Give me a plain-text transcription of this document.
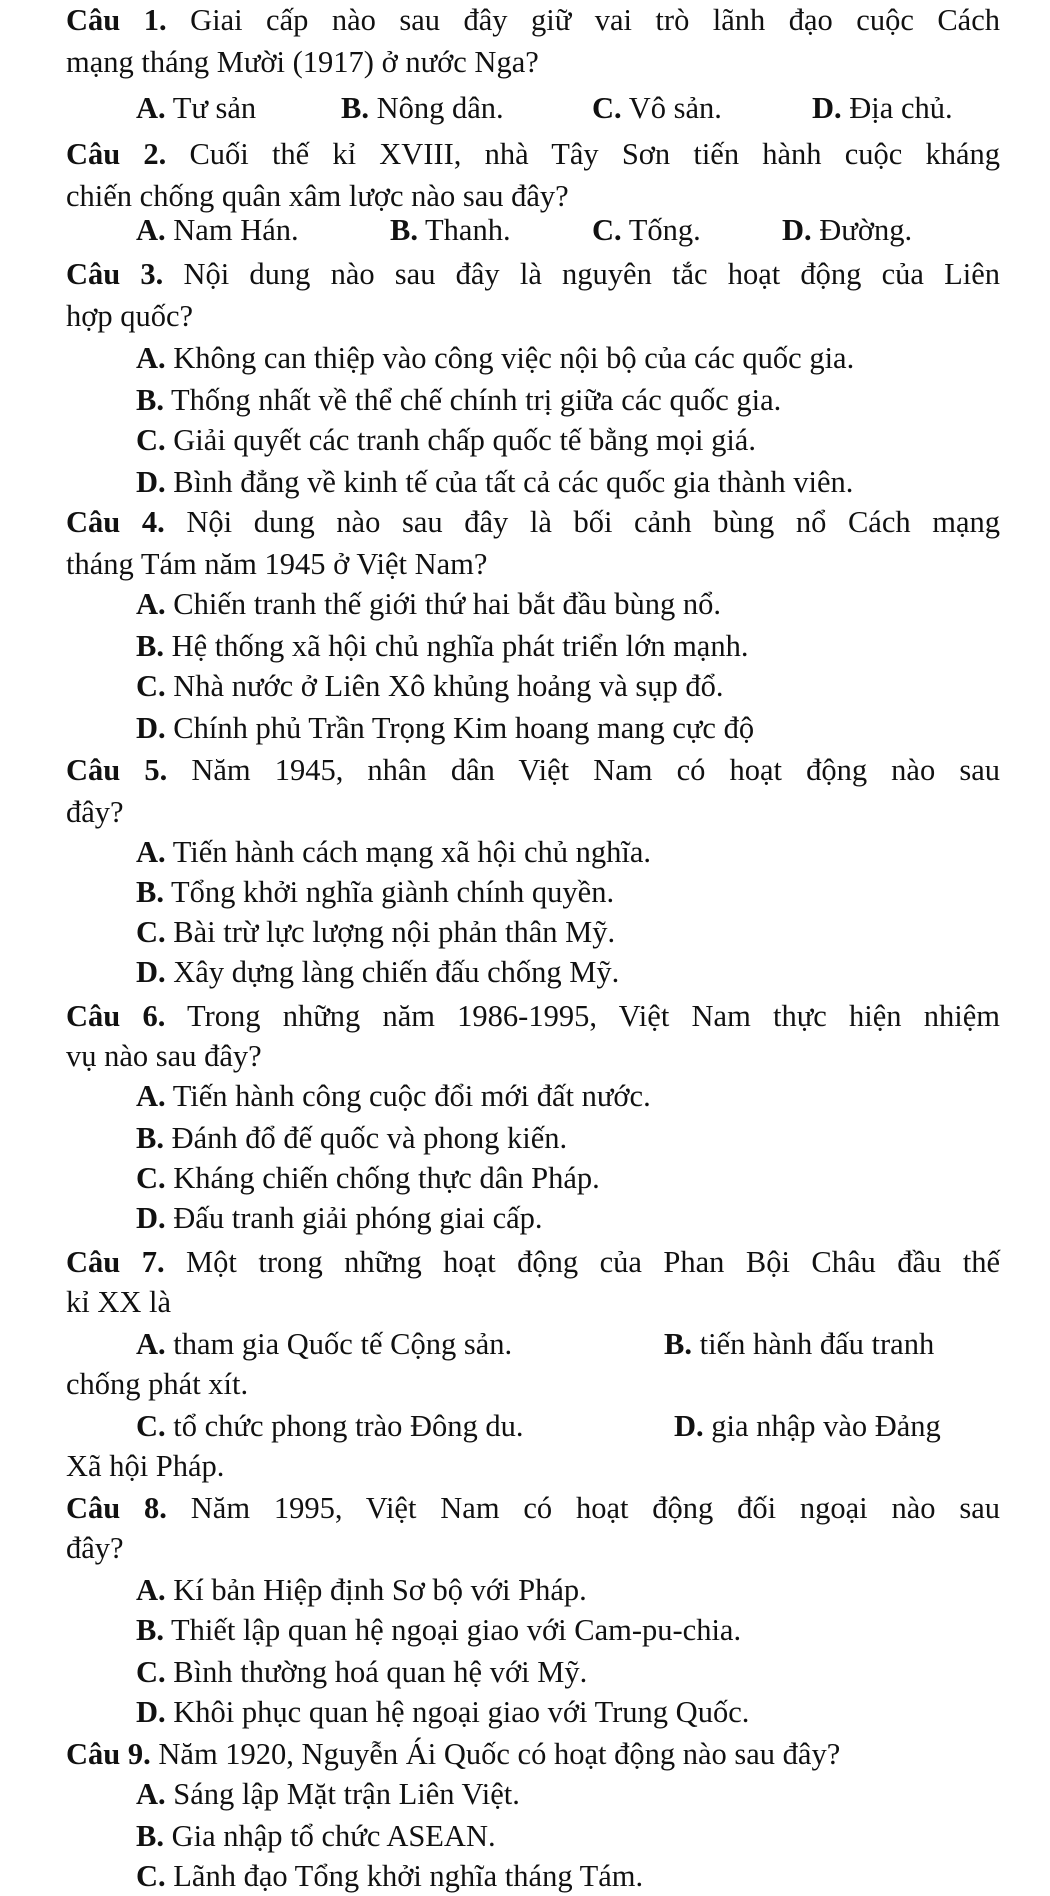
Câu 1. Giai cấp nào sau đây giữ vai trò lãnh đạo cuộc Cách
mạng tháng Mười (1917) ở nước Nga?
A. Tư sản	B. Nông dân.	C. Vô sản.	D. Địa chủ.
Câu 2. Cuối thế kỉ XVIII, nhà Tây Sơn tiến hành cuộc kháng
chiến chống quân xâm lược nào sau đây?
A. Nam Hán.	B. Thanh.	C. Tống.	D. Đường.
Câu 3. Nội dung nào sau đây là nguyên tắc hoạt động của Liên
hợp quốc?
A. Không can thiệp vào công việc nội bộ của các quốc gia.
B. Thống nhất về thể chế chính trị giữa các quốc gia.
C. Giải quyết các tranh chấp quốc tế bằng mọi giá.
D. Bình đẳng về kinh tế của tất cả các quốc gia thành viên.
Câu 4. Nội dung nào sau đây là bối cảnh bùng nổ Cách mạng
tháng Tám năm 1945 ở Việt Nam?
A. Chiến tranh thế giới thứ hai bắt đầu bùng nổ.
B. Hệ thống xã hội chủ nghĩa phát triển lớn mạnh.
C. Nhà nước ở Liên Xô khủng hoảng và sụp đổ.
D. Chính phủ Trần Trọng Kim hoang mang cực độ
Câu 5. Năm 1945, nhân dân Việt Nam có hoạt động nào sau
đây?
A. Tiến hành cách mạng xã hội chủ nghĩa.
B. Tổng khởi nghĩa giành chính quyền.
C. Bài trừ lực lượng nội phản thân Mỹ.
D. Xây dựng làng chiến đấu chống Mỹ.
Câu 6. Trong những năm 1986-1995, Việt Nam thực hiện nhiệm
vụ nào sau đây?
A. Tiến hành công cuộc đổi mới đất nước.
B. Đánh đổ đế quốc và phong kiến.
C. Kháng chiến chống thực dân Pháp.
D. Đấu tranh giải phóng giai cấp.
Câu 7. Một trong những hoạt động của Phan Bội Châu đầu thế
kỉ XX là
A. tham gia Quốc tế Cộng sản.	B. tiến hành đấu tranh
chống phát xít.
C. tổ chức phong trào Đông du.	D. gia nhập vào Đảng
Xã hội Pháp.
Câu 8. Năm 1995, Việt Nam có hoạt động đối ngoại nào sau
đây?
A. Kí bản Hiệp định Sơ bộ với Pháp.
B. Thiết lập quan hệ ngoại giao với Cam-pu-chia.
C. Bình thường hoá quan hệ với Mỹ.
D. Khôi phục quan hệ ngoại giao với Trung Quốc.
Câu 9. Năm 1920, Nguyễn Ái Quốc có hoạt động nào sau đây?
A. Sáng lập Mặt trận Liên Việt.
B. Gia nhập tổ chức ASEAN.
C. Lãnh đạo Tổng khởi nghĩa tháng Tám.
